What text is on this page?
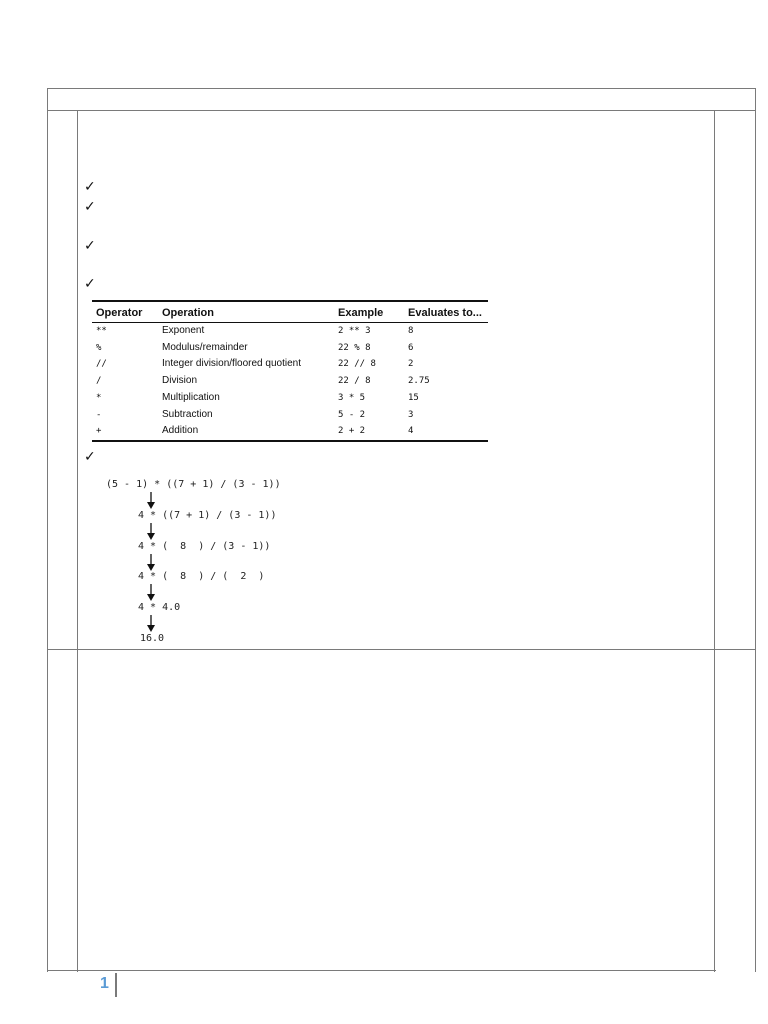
✓
✓
✓
✓
✓
Operator	Operation	Example	Evaluates to...
**	Exponent	2 ** 3	8
%	Modulus/remainder	22 % 8	6
//	Integer division/floored quotient	22 // 8	2
/	Division	22 / 8	2.75
*	Multiplication	3 * 5	15
-	Subtraction	5 - 2	3
+	Addition	2 + 2	4
(5 - 1) * ((7 + 1) / (3 - 1))
4 * ((7 + 1) / (3 - 1))
4 * (  8  ) / (3 - 1))
4 * (  8  ) / (  2  )
4 * 4.0
16.0
1
